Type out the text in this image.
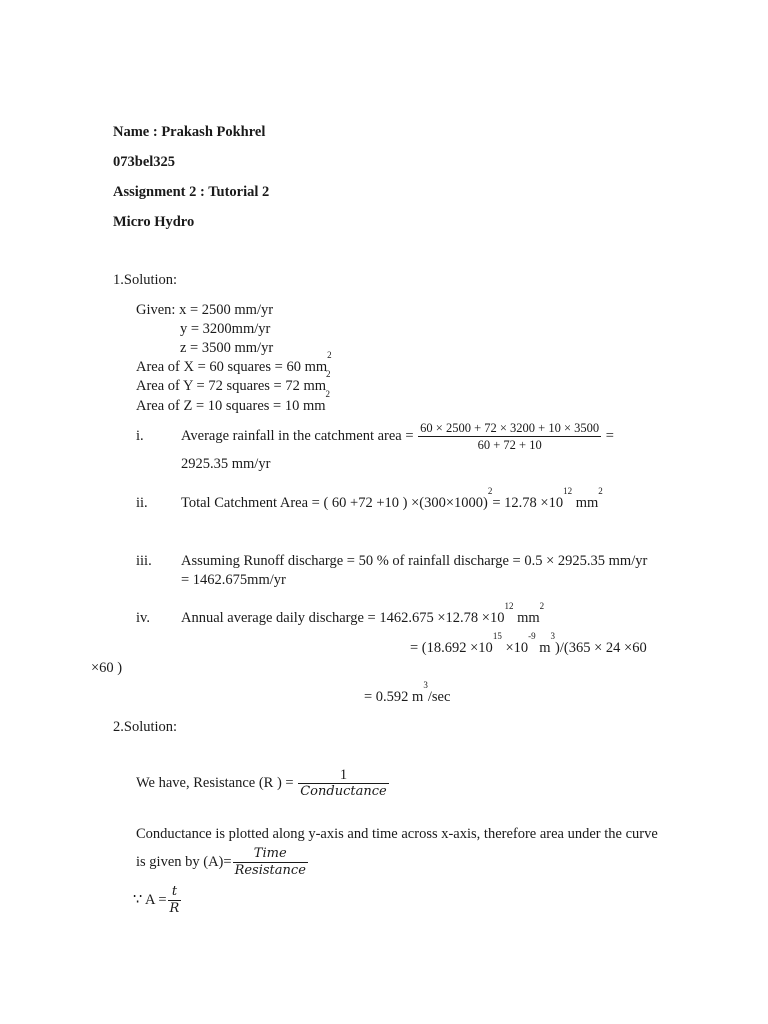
Name : Prakash Pokhrel
073bel325
Assignment 2 : Tutorial 2
Micro Hydro
1.Solution:
Given: x = 2500 mm/yr
y = 3200mm/yr
z = 3500 mm/yr
Area of X = 60 squares = 60 $mm^2$
Area of Y = 72 squares = 72 $mm^2$
Area of Z = 10 squares = 10 $mm^2$
i.	Average rainfall in the catchment area = $\frac{60 \times 2500 + 72 \times 3200 + 10 \times 3500}{60 + 72 + 10}$ =
2925.35 mm/yr
ii. Total Catchment Area = ( 60 +72 +10 ) $\times(300\times 1000)^2= 12.78 \times 10^{12}$ $mm^2$
iii. Assuming Runoff discharge = 50 % of rainfall discharge = 0.5 × 2925.35 mm/yr
= 1462.675mm/yr
iv. Annual average daily discharge = $1462.675 \times 12.78 \times 10^{12}$ $mm^2$
= ($18.692 \times 10^{15} \times 10^{-9}$ $m^3)/(365 \times 24 \times 60$
×60 )
= 0.592 $m^3/\sec$
2.Solution:
We have, Resistance (R ) = $\frac{1}{\text{Conductance}}$
Conductance is plotted along y-axis and time across x-axis, therefore area under the curve
is given by $(A)= \frac{\text{Time}}{\text{Resistance}}$
∵ $A = \frac{t}{R}$
